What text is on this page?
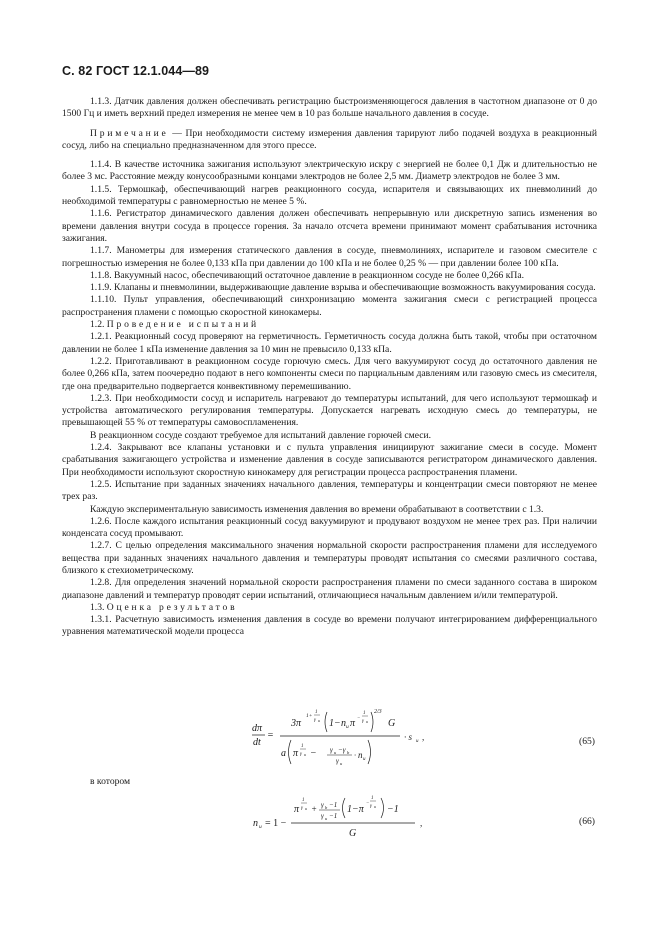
С. 82 ГОСТ 12.1.044—89

1.1.3. Датчик давления должен обеспечивать регистрацию быстроизменяющегося давления в частотном диапазоне от 0 до 1500 Гц и иметь верхний предел измерения не менее чем в 10 раз больше начального давления в сосуде.

Примечание — При необходимости систему измерения давления тарируют либо подачей воздуха в реакционный сосуд, либо на специально предназначенном для этого прессе.

1.1.4. В качестве источника зажигания используют электрическую искру с энергией не более 0,1 Дж и длительностью не более 3 мс. Расстояние между конусообразными концами электродов не более 2,5 мм. Диаметр электродов не более 3 мм.

1.1.5. Термошкаф, обеспечивающий нагрев реакционного сосуда, испарителя и связывающих их пневмолиний до необходимой температуры с равномерностью не менее 5 %.

1.1.6. Регистратор динамического давления должен обеспечивать непрерывную или дискретную запись изменения во времени давления внутри сосуда в процессе горения. За начало отсчета времени принимают момент срабатывания источника зажигания.

1.1.7. Манометры для измерения статического давления в сосуде, пневмолиниях, испарителе и газовом смесителе с погрешностью измерения не более 0,133 кПа при давлении до 100 кПа и не более 0,25 % — при давлении более 100 кПа.

1.1.8. Вакуумный насос, обеспечивающий остаточное давление в реакционном сосуде не более 0,266 кПа.

1.1.9. Клапаны и пневмолинии, выдерживающие давление взрыва и обеспечивающие возможность вакуумирования сосуда.

1.1.10. Пульт управления, обеспечивающий синхронизацию момента зажигания смеси с регистрацией процесса распространения пламени с помощью скоростной кинокамеры.

1.2. Проведение испытаний

1.2.1. Реакционный сосуд проверяют на герметичность. Герметичность сосуда должна быть такой, чтобы при остаточном давлении не более 1 кПа изменение давления за 10 мин не превысило 0,133 кПа.

1.2.2. Приготавливают в реакционном сосуде горючую смесь. Для чего вакуумируют сосуд до остаточного давления не более 0,266 кПа, затем поочередно подают в него компоненты смеси по парциальным давлениям или газовую смесь из смесителя, где она предварительно подвергается конвективному перемешиванию.

1.2.3. При необходимости сосуд и испаритель нагревают до температуры испытаний, для чего используют термошкаф и устройства автоматического регулирования температуры. Допускается нагревать исходную смесь до температуры, не превышающей 55 % от температуры самовоспламенения.

В реакционном сосуде создают требуемое для испытаний давление горючей смеси.

1.2.4. Закрывают все клапаны установки и с пульта управления инициируют зажигание смеси в сосуде. Момент срабатывания зажигающего устройства и изменение давления в сосуде записываются регистратором динамического давления. При необходимости используют скоростную кинокамеру для регистрации процесса распространения пламени.

1.2.5. Испытание при заданных значениях начального давления, температуры и концентрации смеси повторяют не менее трех раз.

Каждую экспериментальную зависимость изменения давления во времени обрабатывают в соответствии с 1.3.

1.2.6. После каждого испытания реакционный сосуд вакуумируют и продувают воздухом не менее трех раз. При наличии конденсата сосуд промывают.

1.2.7. С целью определения максимального значения нормальной скорости распространения пламени для исследуемого вещества при заданных значениях начального давления и температуры проводят испытания со смесями различного состава, близкого к стехиометрическому.

1.2.8. Для определения значений нормальной скорости распространения пламени по смеси заданного состава в широком диапазоне давлений и температур проводят серии испытаний, отличающиеся начальным давлением и/или температурой.

1.3. Оценка результатов

1.3.1. Расчетную зависимость изменения давления в сосуде во времени получают интегрированием дифференциального уравнения математической модели процесса

dπ
dt
=
3π
1+
1
γ u 1− n u π −
1
γ u
2/3
G
a π
1
γ u − γ u −γ b
γ u
· n u
· s u ,	(65)
в котором
n u = 1 −
π
1
γ u + γ b −1
γ u −1
1−π
−
1
γ u −1
G
,	(66)
